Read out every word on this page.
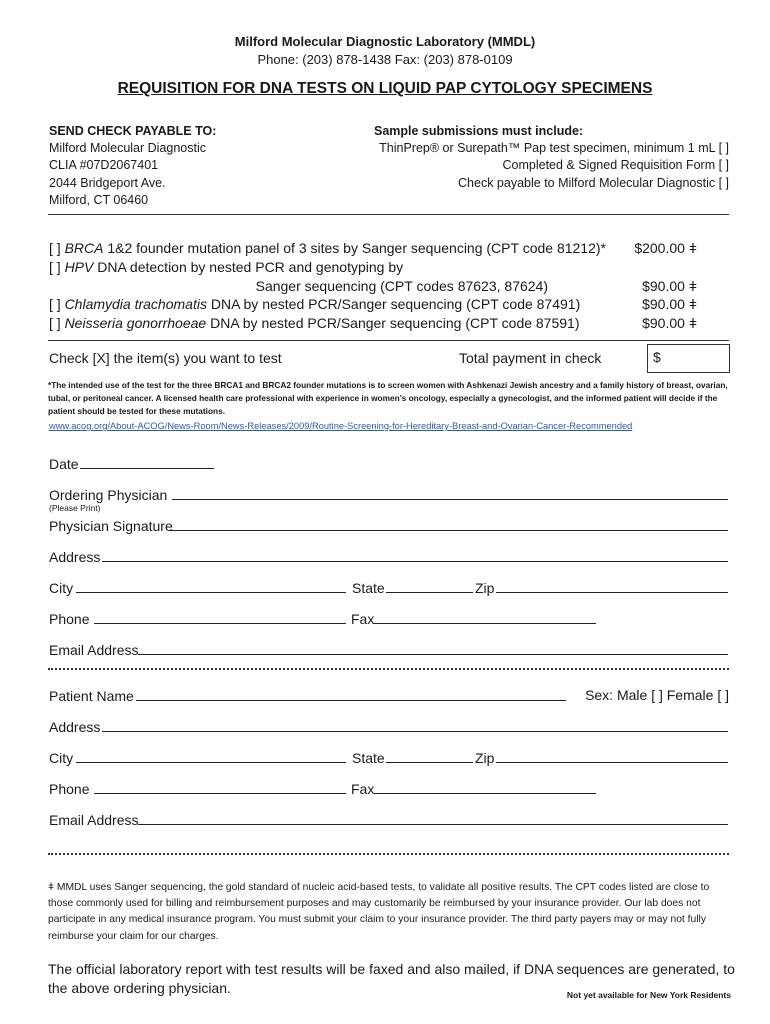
Milford Molecular Diagnostic Laboratory (MMDL)
Phone: (203) 878-1438 Fax: (203) 878-0109
REQUISITION FOR DNA TESTS ON LIQUID PAP CYTOLOGY SPECIMENS
SEND CHECK PAYABLE TO:
Milford Molecular Diagnostic
CLIA #07D2067401
2044 Bridgeport Ave.
Milford, CT 06460
Sample submissions must include:
ThinPrep® or Surepath™ Pap test specimen, minimum 1 mL [ ]
Completed & Signed Requisition Form [ ]
Check payable to Milford Molecular Diagnostic [ ]
[ ] BRCA 1&2 founder mutation panel of 3 sites by Sanger sequencing (CPT code 81212)* $200.00 ǂ
[ ] HPV DNA detection by nested PCR and genotyping by
Sanger sequencing (CPT codes 87623, 87624)	$90.00 ǂ
[ ] Chlamydia trachomatis DNA by nested PCR/Sanger sequencing (CPT code 87491)	$90.00 ǂ
[ ] Neisseria gonorrhoeae DNA by nested PCR/Sanger sequencing (CPT code 87591)	$90.00 ǂ
Check [X] the item(s) you want to test	Total payment in check	$
*The intended use of the test for the three BRCA1 and BRCA2 founder mutations is to screen women with Ashkenazi Jewish ancestry and a family history of breast, ovarian, tubal, or peritoneal cancer. A licensed health care professional with experience in women’s oncology, especially a gynecologist, and the informed patient will decide if the patient should be tested for these mutations.
www.acog.org/About-ACOG/News-Room/News-Releases/2009/Routine-Screening-for-Hereditary-Breast-and-Ovarian-Cancer-Recommended
Date
Ordering Physician
(Please Print)
Physician Signature
Address
City	State	Zip
Phone	Fax
Email Address
Patient Name	Sex: Male [ ] Female [ ]
Address
City	State	Zip
Phone	Fax
Email Address
ǂ MMDL uses Sanger sequencing, the gold standard of nucleic acid-based tests, to validate all positive results. The CPT codes listed are close to those commonly used for billing and reimbursement purposes and may customarily be reimbursed by your insurance provider. Our lab does not participate in any medical insurance program. You must submit your claim to your insurance provider. The third party payers may or may not fully reimburse your claim for our charges.
The official laboratory report with test results will be faxed and also mailed, if DNA sequences are generated, to the above ordering physician.	Not yet available for New York Residents
